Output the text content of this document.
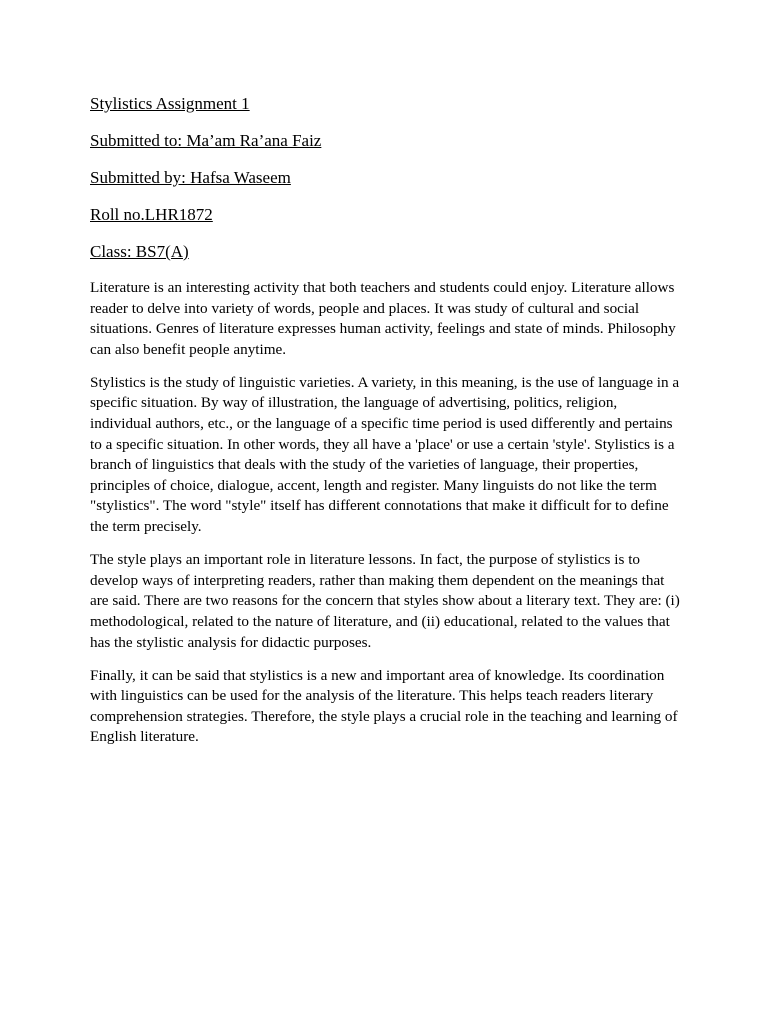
Stylistics Assignment 1
Submitted to: Ma’am Ra’ana Faiz
Submitted by: Hafsa Waseem
Roll no.LHR1872
Class: BS7(A)

Literature is an interesting activity that both teachers and students could enjoy. Literature allows reader to delve into variety of words, people and places. It was study of cultural and social situations. Genres of literature expresses human activity, feelings and state of minds. Philosophy can also benefit people anytime.

Stylistics is the study of linguistic varieties. A variety, in this meaning, is the use of language in a specific situation. By way of illustration, the language of advertising, politics, religion, individual authors, etc., or the language of a specific time period is used differently and pertains to a specific situation. In other words, they all have a 'place' or use a certain 'style'. Stylistics is a branch of linguistics that deals with the study of the varieties of language, their properties, principles of choice, dialogue, accent, length and register. Many linguists do not like the term "stylistics". The word "style" itself has different connotations that make it difficult for to define the term precisely.

The style plays an important role in literature lessons. In fact, the purpose of stylistics is to develop ways of interpreting readers, rather than making them dependent on the meanings that are said. There are two reasons for the concern that styles show about a literary text. They are: (i) methodological, related to the nature of literature, and (ii) educational, related to the values that has the stylistic analysis for didactic purposes.

Finally, it can be said that stylistics is a new and important area of knowledge. Its coordination with linguistics can be used for the analysis of the literature. This helps teach readers literary comprehension strategies. Therefore, the style plays a crucial role in the teaching and learning of English literature.
